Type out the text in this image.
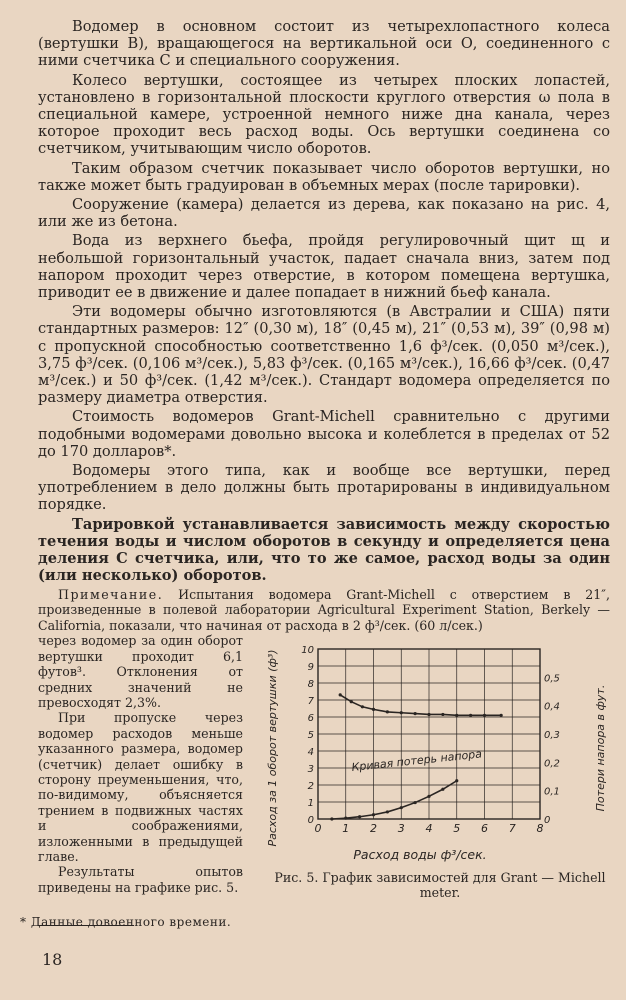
Водомер в основном состоит из четырехлопастного колеса (вертушки В), вращающегося на вертикальной оси О, соединенного с ними счетчика С и специального сооружения.

Колесо вертушки, состоящее из четырех плоских лопастей, установлено в горизонтальной плоскости круглого отверстия ω пола в специальной камере, устроенной немного ниже дна канала, через которое проходит весь расход воды. Ось вертушки соединена со счетчиком, учитывающим число оборотов.

Таким образом счетчик показывает число оборотов вертушки, но также может быть градуирован в объемных мерах (после тарировки).

Сооружение (камера) делается из дерева, как показано на рис. 4, или же из бетона.

Вода из верхнего бьефа, пройдя регулировочный щит щ и небольшой горизонтальный участок, падает сначала вниз, затем под напором проходит через отверстие, в котором помещена вертушка, приводит ее в движение и далее попадает в нижний бьеф канала.

Эти водомеры обычно изготовляются (в Австралии и США) пяти стандартных размеров: 12″ (0,30 м), 18″ (0,45 м), 21″ (0,53 м), 39″ (0,98 м) с пропускной способностью соответственно 1,6 ф³/сек. (0,050 м³/сек.), 3,75 ф³/сек. (0,106 м³/сек.), 5,83 ф³/сек. (0,165 м³/сек.), 16,66 ф³/сек. (0,47 м³/сек.) и 50 ф³/сек. (1,42 м³/сек.). Стандарт водомера определяется по размеру диаметра отверстия.

Стоимость водомеров Grant-Michell сравнительно с другими подобными водомерами довольно высока и колеблется в пределах от 52 до 170 долларов*.

Водомеры этого типа, как и вообще все вертушки, перед употреблением в дело должны быть протарированы в индивидуальном порядке.

Тарировкой устанавливается зависимость между скоростью течения воды и числом оборотов в секунду и определяется цена деления С счетчика, или, что то же самое, расход воды за один (или несколько) оборотов.

Примечание. Испытания водомера Grant-Michell с отверстием в 21″, произведенные в полевой лаборатории Agricultural Experiment Station, Berkely — California, показали, что начиная от расхода в 2 ф³/сек. (60 л/сек.)

через водомер за один оборот вертушки проходит 6,1 футов³. Отклонения от средних значений не превосходят 2,3%.

При пропуске через водомер расходов меньше указанного размера, водомер (счетчик) делает ошибку в сторону преуменьшения, что, по-видимому, объясняется трением в подвижных частях и соображениями, изложенными в предыдущей главе.

Результаты опытов приведены на графике рис. 5.

0 1 2 3 4 5 6 7 8
0
1
2
3
4
5
6
7
8
9
10
0
0,1
0,2
0,3
0,4
0,5
Расход воды ф³/сек.
Расход за 1 оборот вертушки (ф³)	Потери напора в фут.
Кривая потерь напора
Рис. 5. График зависимостей для Grant — Michell meter.
* Данные довоенного времени.
18
